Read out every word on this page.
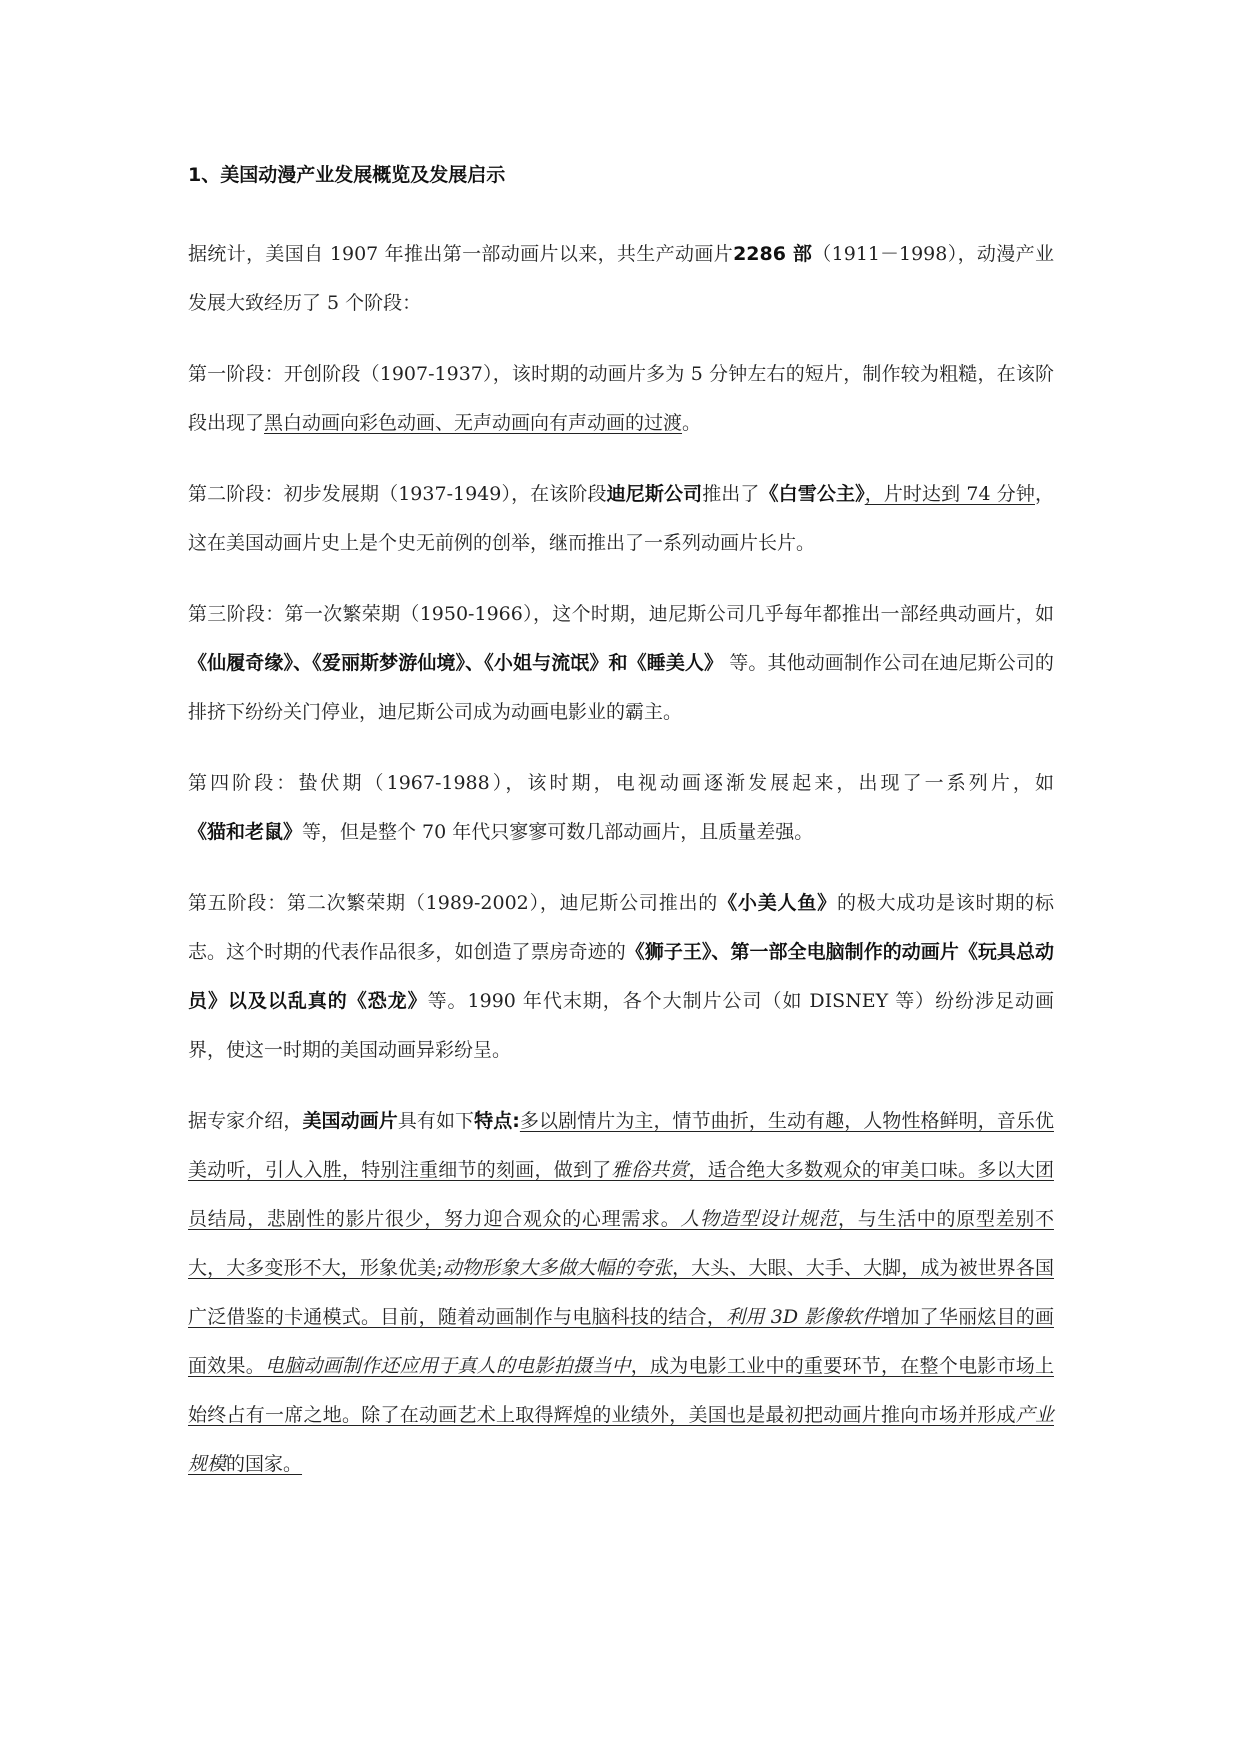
1、美国动漫产业发展概览及发展启示

据统计，美国自 1907 年推出第一部动画片以来，共生产动画片2286 部（1911－1998），动漫产业发展大致经历了 5 个阶段：

第一阶段：开创阶段（1907-1937），该时期的动画片多为 5 分钟左右的短片，制作较为粗糙，在该阶段出现了黑白动画向彩色动画、无声动画向有声动画的过渡。

第二阶段：初步发展期（1937-1949），在该阶段迪尼斯公司推出了《白雪公主》，片时达到 74 分钟，这在美国动画片史上是个史无前例的创举，继而推出了一系列动画片长片。

第三阶段：第一次繁荣期（1950-1966），这个时期，迪尼斯公司几乎每年都推出一部经典动画片，如《仙履奇缘》、《爱丽斯梦游仙境》、《小姐与流氓》和《睡美人》 等。其他动画制作公司在迪尼斯公司的排挤下纷纷关门停业，迪尼斯公司成为动画电影业的霸主。

第四阶段：蛰伏期（1967-1988），该时期，电视动画逐渐发展起来，出现了一系列片，如《猫和老鼠》等，但是整个 70 年代只寥寥可数几部动画片，且质量差强。

第五阶段：第二次繁荣期（1989-2002），迪尼斯公司推出的《小美人鱼》的极大成功是该时期的标志。这个时期的代表作品很多，如创造了票房奇迹的《狮子王》、第一部全电脑制作的动画片《玩具总动员》以及以乱真的《恐龙》等。1990 年代末期，各个大制片公司（如 DISNEY 等）纷纷涉足动画界，使这一时期的美国动画异彩纷呈。

据专家介绍，美国动画片具有如下特点:多以剧情片为主，情节曲折，生动有趣，人物性格鲜明，音乐优美动听，引人入胜，特别注重细节的刻画，做到了雅俗共赏，适合绝大多数观众的审美口味。多以大团员结局，悲剧性的影片很少，努力迎合观众的心理需求。人物造型设计规范，与生活中的原型差别不大，大多变形不大，形象优美;动物形象大多做大幅的夸张，大头、大眼、大手、大脚，成为被世界各国广泛借鉴的卡通模式。目前，随着动画制作与电脑科技的结合，利用 3D 影像软件增加了华丽炫目的画面效果。电脑动画制作还应用于真人的电影拍摄当中，成为电影工业中的重要环节，在整个电影市场上始终占有一席之地。除了在动画艺术上取得辉煌的业绩外，美国也是最初把动画片推向市场并形成产业规模的国家。
